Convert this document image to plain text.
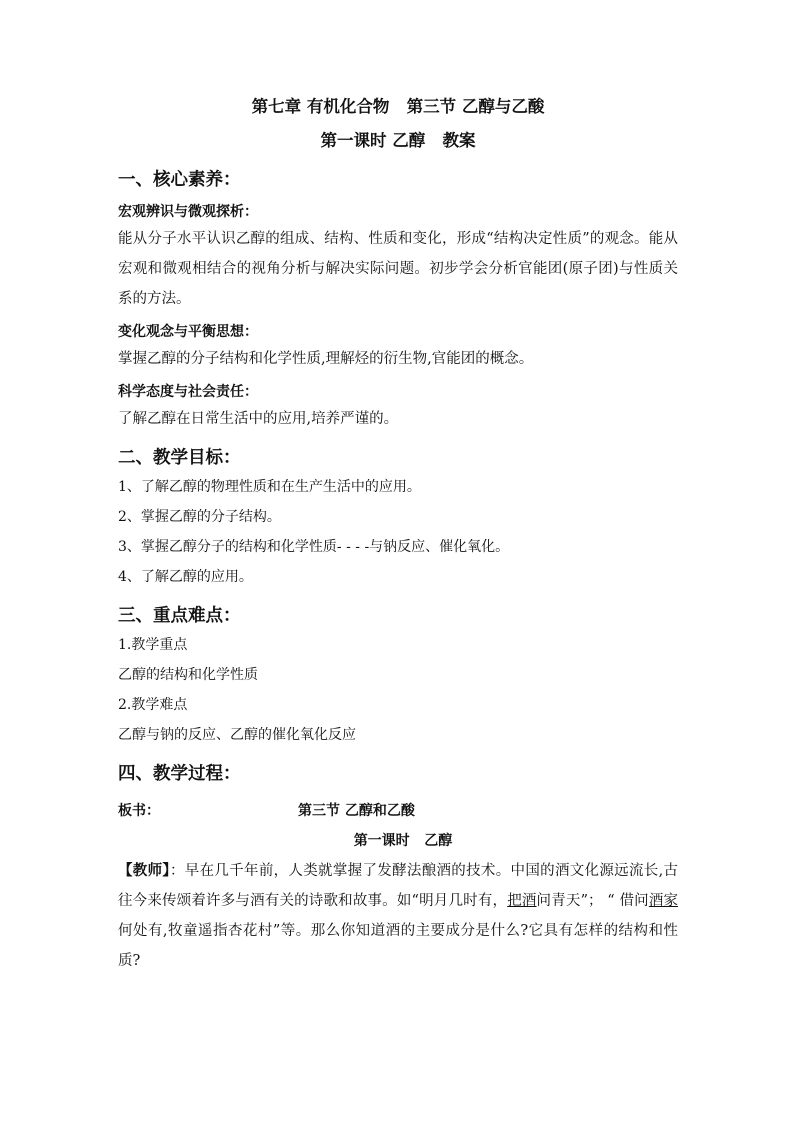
第七章 有机化合物   第三节 乙醇与乙酸
第一课时 乙醇   教案
一、核心素养：
宏观辨识与微观探析：
能从分子水平认识乙醇的组成、结构、性质和变化，形成“结构决定性质”的观念。能从宏观和微观相结合的视角分析与解决实际问题。初步学会分析官能团(原子团)与性质关系的方法。
变化观念与平衡思想：
掌握乙醇的分子结构和化学性质,理解烃的衍生物,官能团的概念。
科学态度与社会责任：
了解乙醇在日常生活中的应用,培养严谨的。
二、教学目标：
1、了解乙醇的物理性质和在生产生活中的应用。
2、掌握乙醇的分子结构。
3、掌握乙醇分子的结构和化学性质- - - -与钠反应、催化氧化。
4、了解乙醇的应用。
三、重点难点：
1.教学重点
乙醇的结构和化学性质
2.教学难点
乙醇与钠的反应、乙醇的催化氧化反应
四、教学过程：
板书：	第三节 乙醇和乙酸
第一课时   乙醇
【教师】：早在几千年前，人类就掌握了发酵法酿酒的技术。中国的酒文化源远流长,古往今来传颂着许多与酒有关的诗歌和故事。如“明月几时有，把酒问青天”； “ 借问酒家何处有,牧童遥指杏花村”等。那么你知道酒的主要成分是什么?它具有怎样的结构和性质?
